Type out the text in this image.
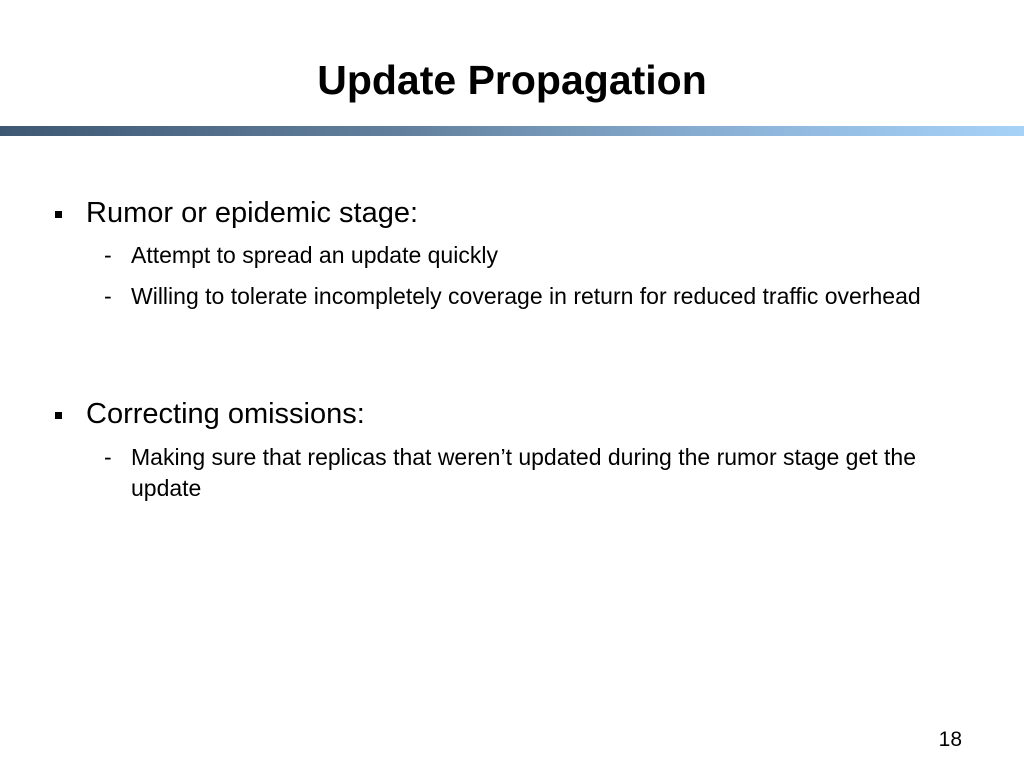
Update Propagation
Rumor or epidemic stage:
- Attempt to spread an update quickly
- Willing to tolerate incompletely coverage in return for reduced traffic overhead
Correcting omissions:
- Making sure that replicas that weren’t updated during the rumor stage get the update
18
